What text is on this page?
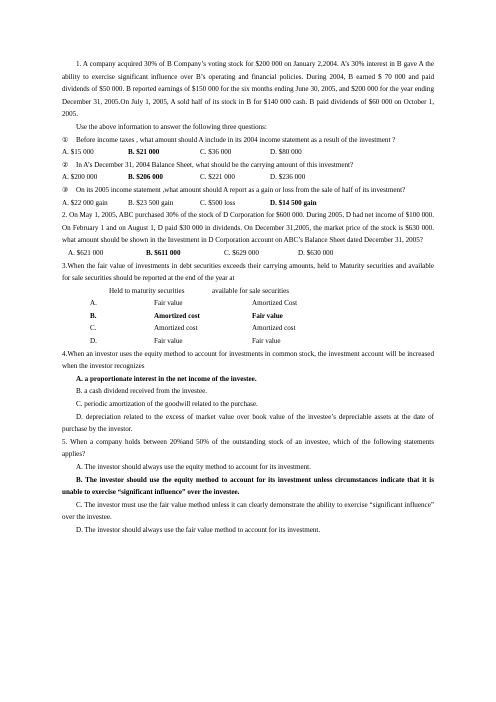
1. A company acquired 30% of B Company’s voting stock for $200 000 on January 2,2004. A’s 30% interest in B gave A the ability to exercise significant influence over B’s operating and financial policies. During 2004, B earned $ 70 000 and paid dividends of $50 000. B reported earnings of $150 000 for the six months ending June 30, 2005, and $200 000 for the year ending December 31, 2005.On July 1, 2005, A sold half of its stock in B for $140 000 cash. B paid dividends of $60 000 on October 1, 2005.

Use the above information to answer the following three questions:

① Before income taxes , what amount should A include in its 2004 income statement as a result of the investment ?
A. $15 000	B. $21 000	C. $36 000	D. $80 000
② In A’s December 31, 2004 Balance Sheet, what should be the carrying amount of this investment?
A. $200 000	B. $206 000	C. $221 000	D. $236 000
③ On its 2005 income statement ,what amount should A report as a gain or loss from the sale of half of its investment?
A. $22 000 gain	B. $23 500 gain	C. $500 loss	D. $14 500 gain

2. On May 1, 2005, ABC purchased 30% of the stock of D Corporation for $600 000. During 2005, D had net income of $100 000. On February 1 and on August 1, D paid $30 000 in dividends. On December 31,2005, the market price of the stock is $630 000. what amount should be shown in the Investment in D Corporation account on ABC’s Balance Sheet dated December 31, 2005?

A. $621 000	B. $611 000	C. $629 000	D. $630 000

3.When the fair value of investments in debt securities exceeds their carrying amounts, held to Maturity securities and available for sale securities should be reported at the end of the year at

	Held to maturity securities	available for sale securities
A.	Fair value	Amortized Cost
B.	Amortized cost	Fair value
C.	Amortized cost	Amortized cost
D.	Fair value	Fair value

4.When an investor uses the equity method to account for investments in common stock, the investment account will be increased when the investor recognizes

A. a proportionate interest in the net income of the investee.

B. a cash dividend received from the investee.

C. periodic amortization of the goodwill related to the purchase.

D. depreciation related to the excess of market value over book value of the investee’s depreciable assets at the date of purchase by the investor.

5. When a company holds between 20%and 50% of the outstanding stock of an investee, which of the following statements applies?

A. The investor should always use the equity method to account for its investment.

B. The investor should use the equity method to account for its investment unless circumstances indicate that it is unable to exercise “significant influence” over the investee.

C. The investor must use the fair value method unless it can clearly demonstrate the ability to exercise “significant influence” over the investee.

D. The investor should always use the fair value method to account for its investment.
